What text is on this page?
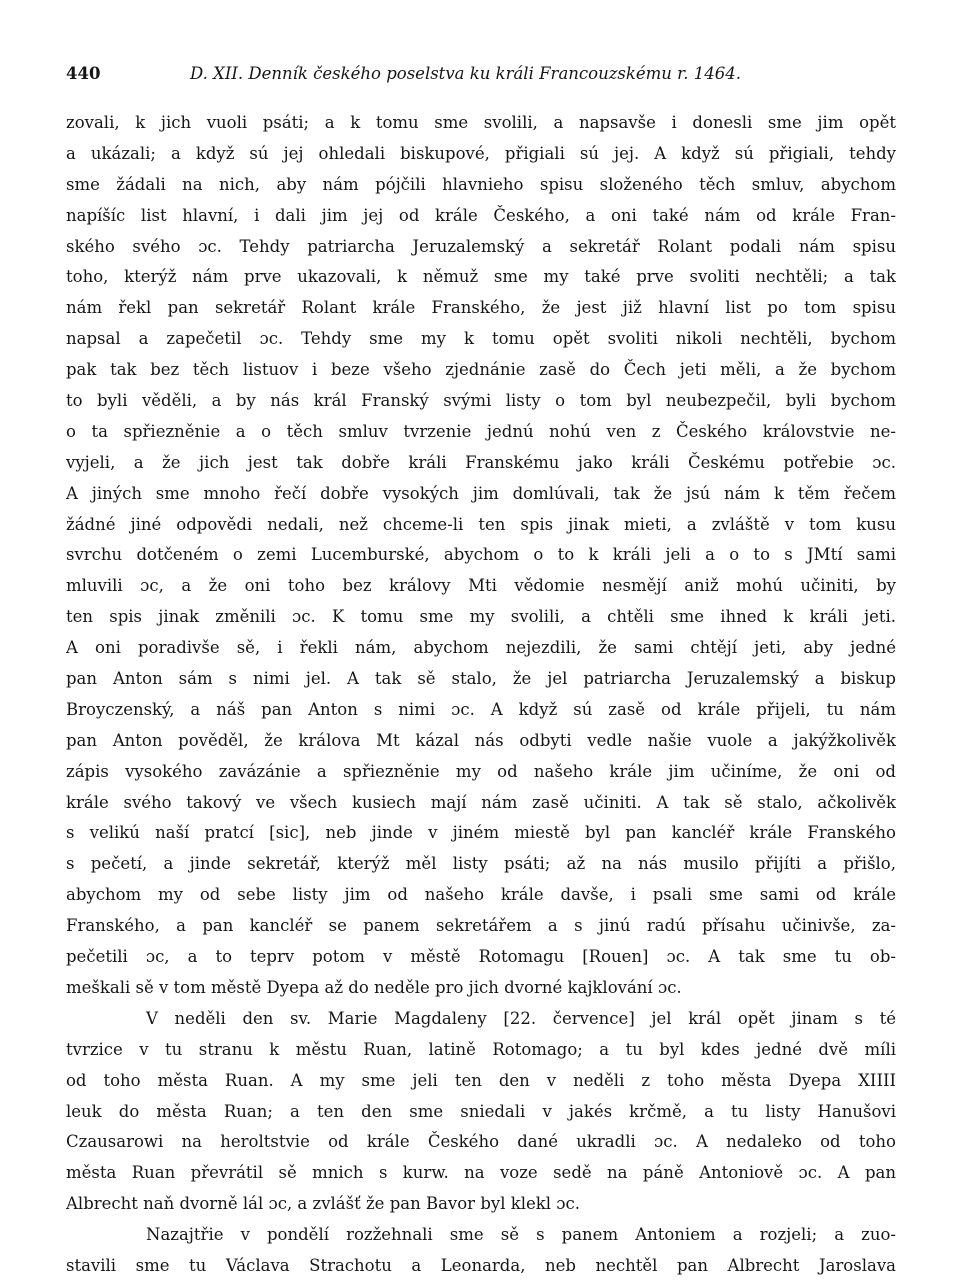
440	D. XII. Denník českého poselstva ku králi Francouzskému r. 1464.
zovali, k jich vuoli psáti; a k tomu sme svolili, a napsavše i donesli sme jim opět
a ukázali; a když sú jej ohledali biskupové, přigiali sú jej. A když sú přigiali, tehdy
sme žádali na nich, aby nám pójčili hlavnieho spisu složeného těch smluv, abychom
napíšíc list hlavní, i dali jim jej od krále Českého, a oni také nám od krále Fran-
ského svého ɔc. Tehdy patriarcha Jeruzalemský a sekretář Rolant podali nám spisu
toho, kterýž nám prve ukazovali, k němuž sme my také prve svoliti nechtěli; a tak
nám řekl pan sekretář Rolant krále Franského, že jest již hlavní list po tom spisu
napsal a zapečetil ɔc. Tehdy sme my k tomu opět svoliti nikoli nechtěli, bychom
pak tak bez těch listuov i beze všeho zjednánie zasě do Čech jeti měli, a že bychom
to byli věděli, a by nás král Franský svými listy o tom byl neubezpečil, byli bychom
o ta spřiezněnie a o těch smluv tvrzenie jednú nohú ven z Českého královstvie ne-
vyjeli, a že jich jest tak dobře králi Franskému jako králi Českému potřebie ɔc.
A jiných sme mnoho řečí dobře vysokých jim domlúvali, tak že jsú nám k těm řečem
žádné jiné odpovědi nedali, než chceme-li ten spis jinak mieti, a zvláště v tom kusu
svrchu dotčeném o zemi Lucemburské, abychom o to k králi jeli a o to s JMtí sami
mluvili ɔc, a že oni toho bez královy Mti vědomie nesmějí aniž mohú učiniti, by
ten spis jinak změnili ɔc. K tomu sme my svolili, a chtěli sme ihned k králi jeti.
A oni poradivše sě, i řekli nám, abychom nejezdili, že sami chtějí jeti, aby jedné
pan Anton sám s nimi jel. A tak sě stalo, že jel patriarcha Jeruzalemský a biskup
Broyczenský, a náš pan Anton s nimi ɔc. A když sú zasě od krále přijeli, tu nám
pan Anton pověděl, že králova Mt kázal nás odbyti vedle našie vuole a jakýžkolivěk
zápis vysokého zavázánie a spřiezněnie my od našeho krále jim učiníme, že oni od
krále svého takový ve všech kusiech mají nám zasě učiniti. A tak sě stalo, ačkolivěk
s velikú naší pratcí [sic], neb jinde v jiném miestě byl pan kancléř krále Franského
s pečetí, a jinde sekretář, kterýž měl listy psáti; až na nás musilo přijíti a přišlo,
abychom my od sebe listy jim od našeho krále davše, i psali sme sami od krále
Franského, a pan kancléř se panem sekretářem a s jinú radú přísahu učinivše, za-
pečetili ɔc, a to teprv potom v městě Rotomagu [Rouen] ɔc. A tak sme tu ob-
meškali sě v tom městě Dyepa až do neděle pro jich dvorné kajklování ɔc.
V neděli den sv. Marie Magdaleny [22. července] jel král opět jinam s té
tvrzice v tu stranu k městu Ruan, latině Rotomago; a tu byl kdes jedné dvě míli
od toho města Ruan. A my sme jeli ten den v neděli z toho města Dyepa XIIII
leuk do města Ruan; a ten den sme sniedali v jakés krčmě, a tu listy Hanušovi
Czausarowi na heroltstvie od krále Českého dané ukradli ɔc. A nedaleko od toho
města Ruan převrátil sě mnich s kurw. na voze sedě na páně Antoniově ɔc. A pan
Albrecht naň dvorně lál ɔc, a zvlášť že pan Bavor byl klekl ɔc.
Nazajtřie v pondělí rozžehnali sme sě s panem Antoniem a rozjeli; a zuo-
stavili sme tu Václava Strachotu a Leonarda, neb nechtěl pan Albrecht Jaroslava
